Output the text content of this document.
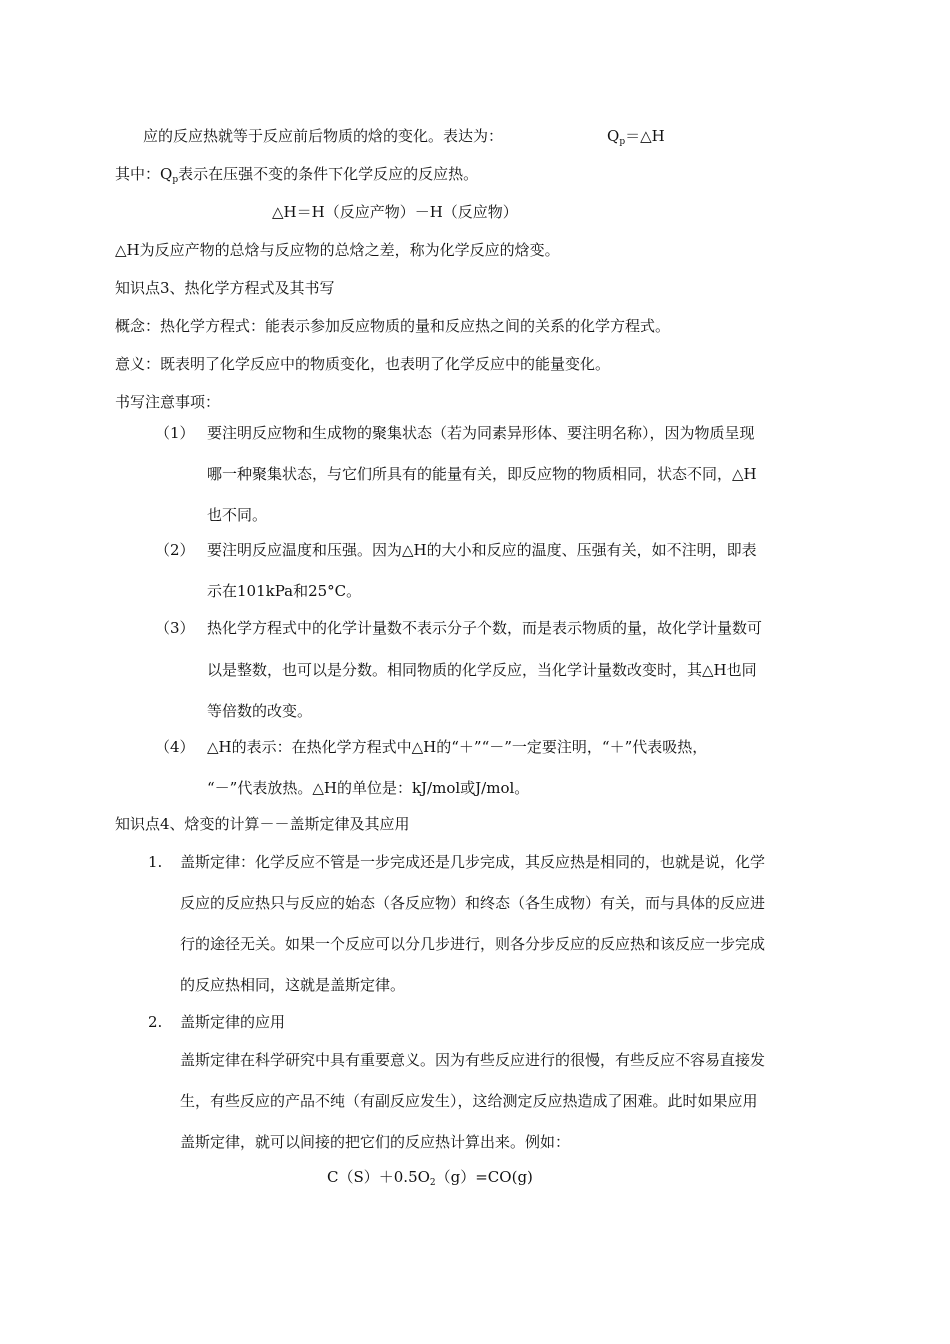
应的反应热就等于反应前后物质的焓的变化。表达为：	$Q_p=\triangle H$
其中：$Q_p$表示在压强不变的条件下化学反应的反应热。
△H＝H（反应产物）－H（反应物）
△H为反应产物的总焓与反应物的总焓之差，称为化学反应的焓变。
知识点3、热化学方程式及其书写
概念：热化学方程式：能表示参加反应物质的量和反应热之间的关系的化学方程式。
意义：既表明了化学反应中的物质变化，也表明了化学反应中的能量变化。
书写注意事项：
（1） 要注明反应物和生成物的聚集状态（若为同素异形体、要注明名称），因为物质呈现
哪一种聚集状态，与它们所具有的能量有关，即反应物的物质相同，状态不同，△H
也不同。
（2） 要注明反应温度和压强。因为△H的大小和反应的温度、压强有关，如不注明，即表
示在101kPa和25°C。
（3） 热化学方程式中的化学计量数不表示分子个数，而是表示物质的量，故化学计量数可
以是整数，也可以是分数。相同物质的化学反应，当化学计量数改变时，其△H也同
等倍数的改变。
（4） △H的表示：在热化学方程式中△H的“＋”“－”一定要注明，“＋”代表吸热，
“－”代表放热。△H的单位是：kJ/mol或J/mol。
知识点4、焓变的计算－－盖斯定律及其应用
1. 盖斯定律：化学反应不管是一步完成还是几步完成，其反应热是相同的，也就是说，化学
反应的反应热只与反应的始态（各反应物）和终态（各生成物）有关，而与具体的反应进
行的途径无关。如果一个反应可以分几步进行，则各分步反应的反应热和该反应一步完成
的反应热相同，这就是盖斯定律。
2. 盖斯定律的应用
盖斯定律在科学研究中具有重要意义。因为有些反应进行的很慢，有些反应不容易直接发
生，有些反应的产品不纯（有副反应发生），这给测定反应热造成了困难。此时如果应用
盖斯定律，就可以间接的把它们的反应热计算出来。例如：
$C(S)+0.5O_2(g)=CO(g)$
